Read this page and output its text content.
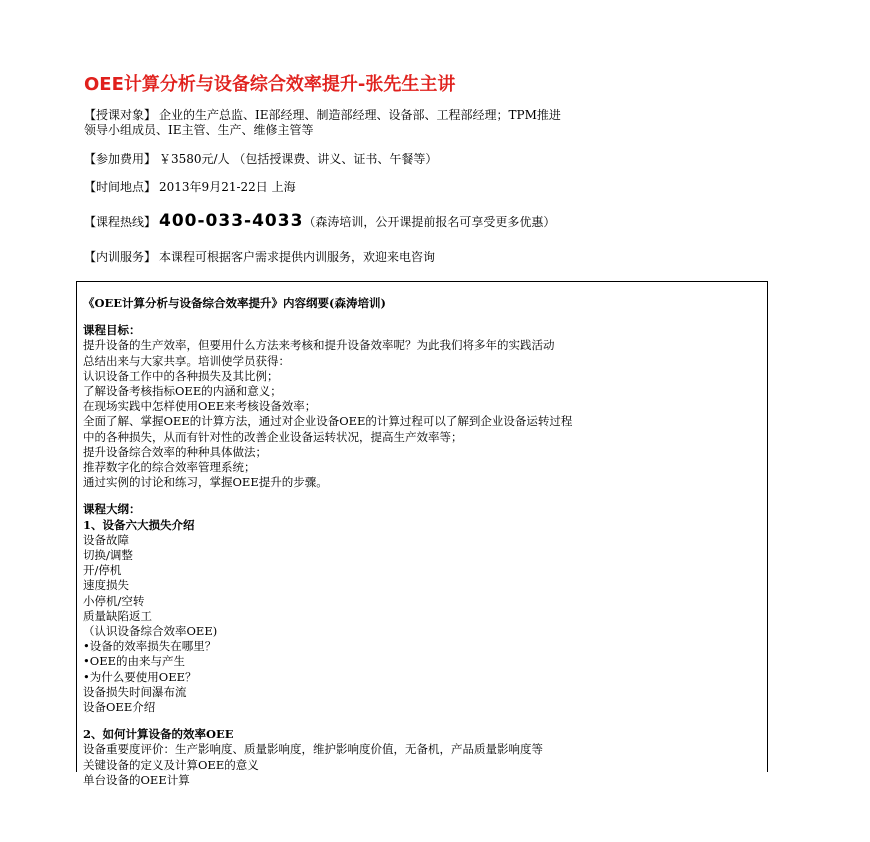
OEE计算分析与设备综合效率提升-张先生主讲
【授课对象】 企业的生产总监、IE部经理、制造部经理、设备部、工程部经理；TPM推进
领导小组成员、IE主管、生产、维修主管等
【参加费用】 ￥3580元/人 （包括授课费、讲义、证书、午餐等）
【时间地点】 2013年9月21-22日 上海
【课程热线】 400-033-4033（森涛培训，公开课提前报名可享受更多优惠）
【内训服务】 本课程可根据客户需求提供内训服务，欢迎来电咨询
《OEE计算分析与设备综合效率提升》内容纲要(森涛培训)
课程目标：
提升设备的生产效率，但要用什么方法来考核和提升设备效率呢？为此我们将多年的实践活动
总结出来与大家共享。培训使学员获得：
认识设备工作中的各种损失及其比例；
了解设备考核指标OEE的内涵和意义；
在现场实践中怎样使用OEE来考核设备效率；
全面了解、掌握OEE的计算方法，通过对企业设备OEE的计算过程可以了解到企业设备运转过程
中的各种损失，从而有针对性的改善企业设备运转状况，提高生产效率等；
提升设备综合效率的种种具体做法；
推荐数字化的综合效率管理系统；
通过实例的讨论和练习，掌握OEE提升的步骤。
课程大纲：
1、设备六大损失介绍
设备故障
切换/调整
开/停机
速度损失
小停机/空转
质量缺陷返工
（认识设备综合效率OEE)
•设备的效率损失在哪里？
•OEE的由来与产生
•为什么要使用OEE？
设备损失时间瀑布流
设备OEE介绍
2、如何计算设备的效率OEE
设备重要度评价：生产影响度、质量影响度，维护影响度价值，无备机，产品质量影响度等
关键设备的定义及计算OEE的意义
单台设备的OEE计算
